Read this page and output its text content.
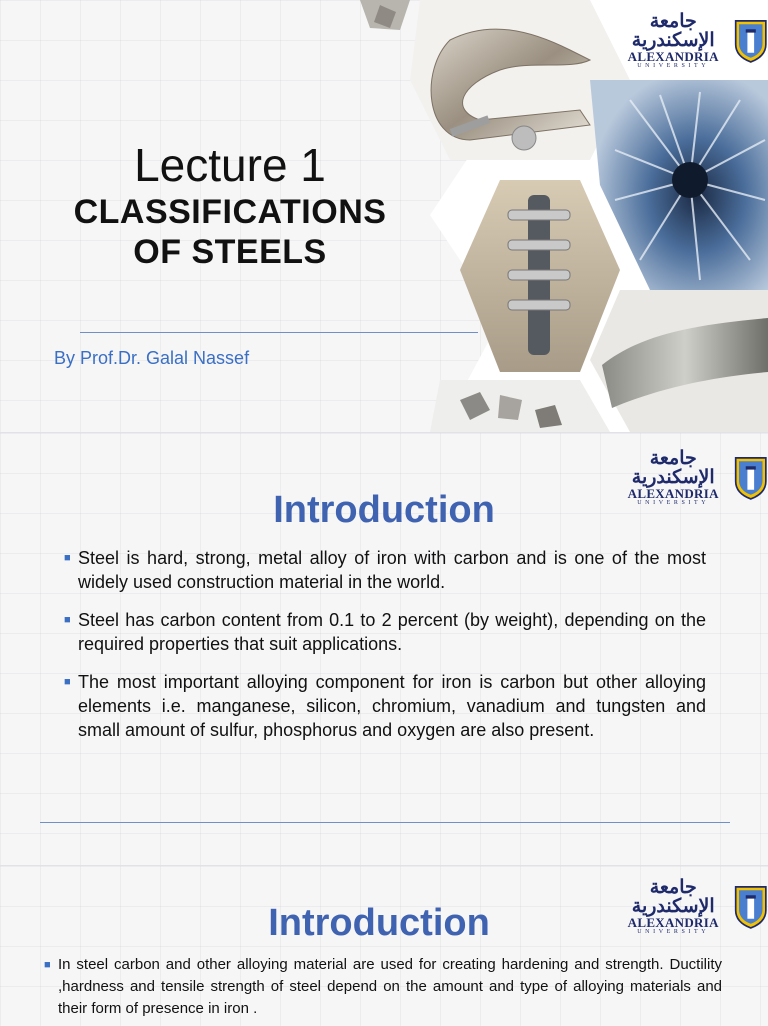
Lecture 1
CLASSIFICATIONS
OF STEELS
By Prof.Dr. Galal Nassef
جامعة الإسكندرية
ALEXANDRIA
UNIVERSITY
جامعة الإسكندرية
ALEXANDRIA
UNIVERSITY
Introduction
■ Steel is hard, strong, metal alloy of iron with carbon and is one of the most widely used construction material in the world.
■ Steel has carbon content from 0.1 to 2 percent (by weight), depending on the required properties that suit applications.
■ The most important alloying component for iron is carbon but other alloying elements i.e. manganese, silicon, chromium, vanadium and tungsten and small amount of sulfur, phosphorus and oxygen are also present.
جامعة الإسكندرية
ALEXANDRIA
UNIVERSITY
Introduction
■ In steel carbon and other alloying material are used for creating hardening and strength. Ductility ,hardness and tensile strength of steel depend on the amount and type of alloying materials and their form of presence in iron .
